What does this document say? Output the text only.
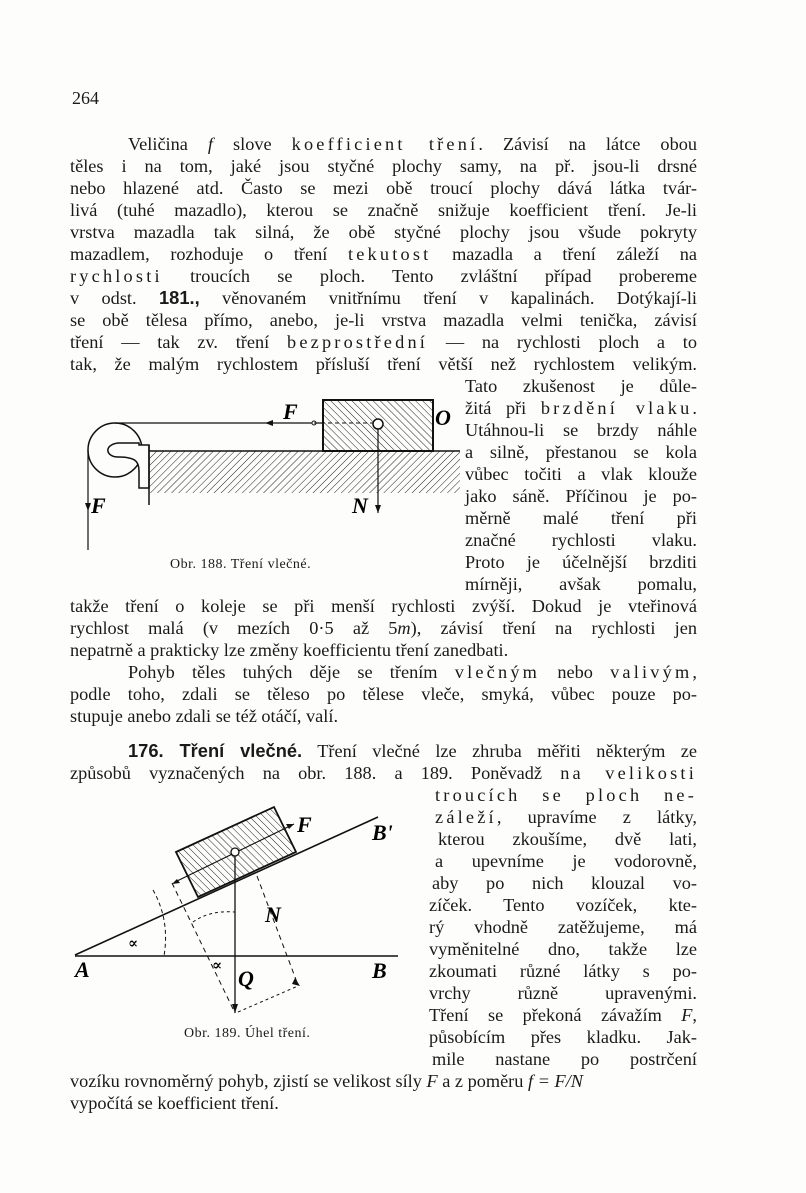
264
Veličina f slove koefficient tření. Závisí na látce obou
těles i na tom, jaké jsou styčné plochy samy, na př. jsou-li drsné
nebo hlazené atd. Často se mezi obě troucí plochy dává látka tvár-
livá (tuhé mazadlo), kterou se značně snižuje koefficient tření. Je-li
vrstva mazadla tak silná, že obě styčné plochy jsou všude pokryty
mazadlem, rozhoduje o tření tekutost mazadla a tření záleží na
rychlosti troucích se ploch. Tento zvláštní případ probereme
v odst. 181., věnovaném vnitřnímu tření v kapalinách. Dotýkají-li
se obě tělesa přímo, anebo, je-li vrstva mazadla velmi tenička, závisí
tření — tak zv. tření bezprostřední — na rychlosti ploch a to
tak, že malým rychlostem přísluší tření větší než rychlostem velikým.
Tato zkušenost je důle-
žitá při brzdění vlaku.
Utáhnou-li se brzdy náhle
a silně, přestanou se kola
vůbec točiti a vlak klouže
jako sáně. Příčinou je po-
měrně malé tření při
značné rychlosti vlaku.
Proto je účelnější brzditi
mírněji, avšak pomalu,
F	O
F	N
Obr. 188. Tření vlečné.
takže tření o koleje se při menší rychlosti zvýší. Dokud je vteřinová
rychlost malá (v mezích 0·5 až 5m), závisí tření na rychlosti jen
nepatrně a prakticky lze změny koefficientu tření zanedbati.
Pohyb těles tuhých děje se třením vlečným nebo valivým,
podle toho, zdali se těleso po tělese vleče, smyká, vůbec pouze po-
stupuje anebo zdali se též otáčí, valí.
176. Tření vlečné. Tření vlečné lze zhruba měřiti některým ze
způsobů vyznačených na obr. 188. a 189. Poněvadž na velikosti
troucích se ploch ne-
záleží, upravíme z látky,
kterou zkoušíme, dvě lati,
a upevníme je vodorovně,
aby po nich klouzal vo-
zíček. Tento vozíček, kte-
rý vhodně zatěžujeme, má
vyměnitelné dno, takže lze
zkoumati různé látky s po-
vrchy různě upravenými.
Tření se překoná závažím F,
působícím přes kladku. Jak-
mile nastane po postrčení
F	B'
N
∝
∝
A	B
Q
Obr. 189. Úhel tření.
vozíku rovnoměrný pohyb, zjistí se velikost síly F a z poměru f = F/N
vypočítá se koefficient tření.
